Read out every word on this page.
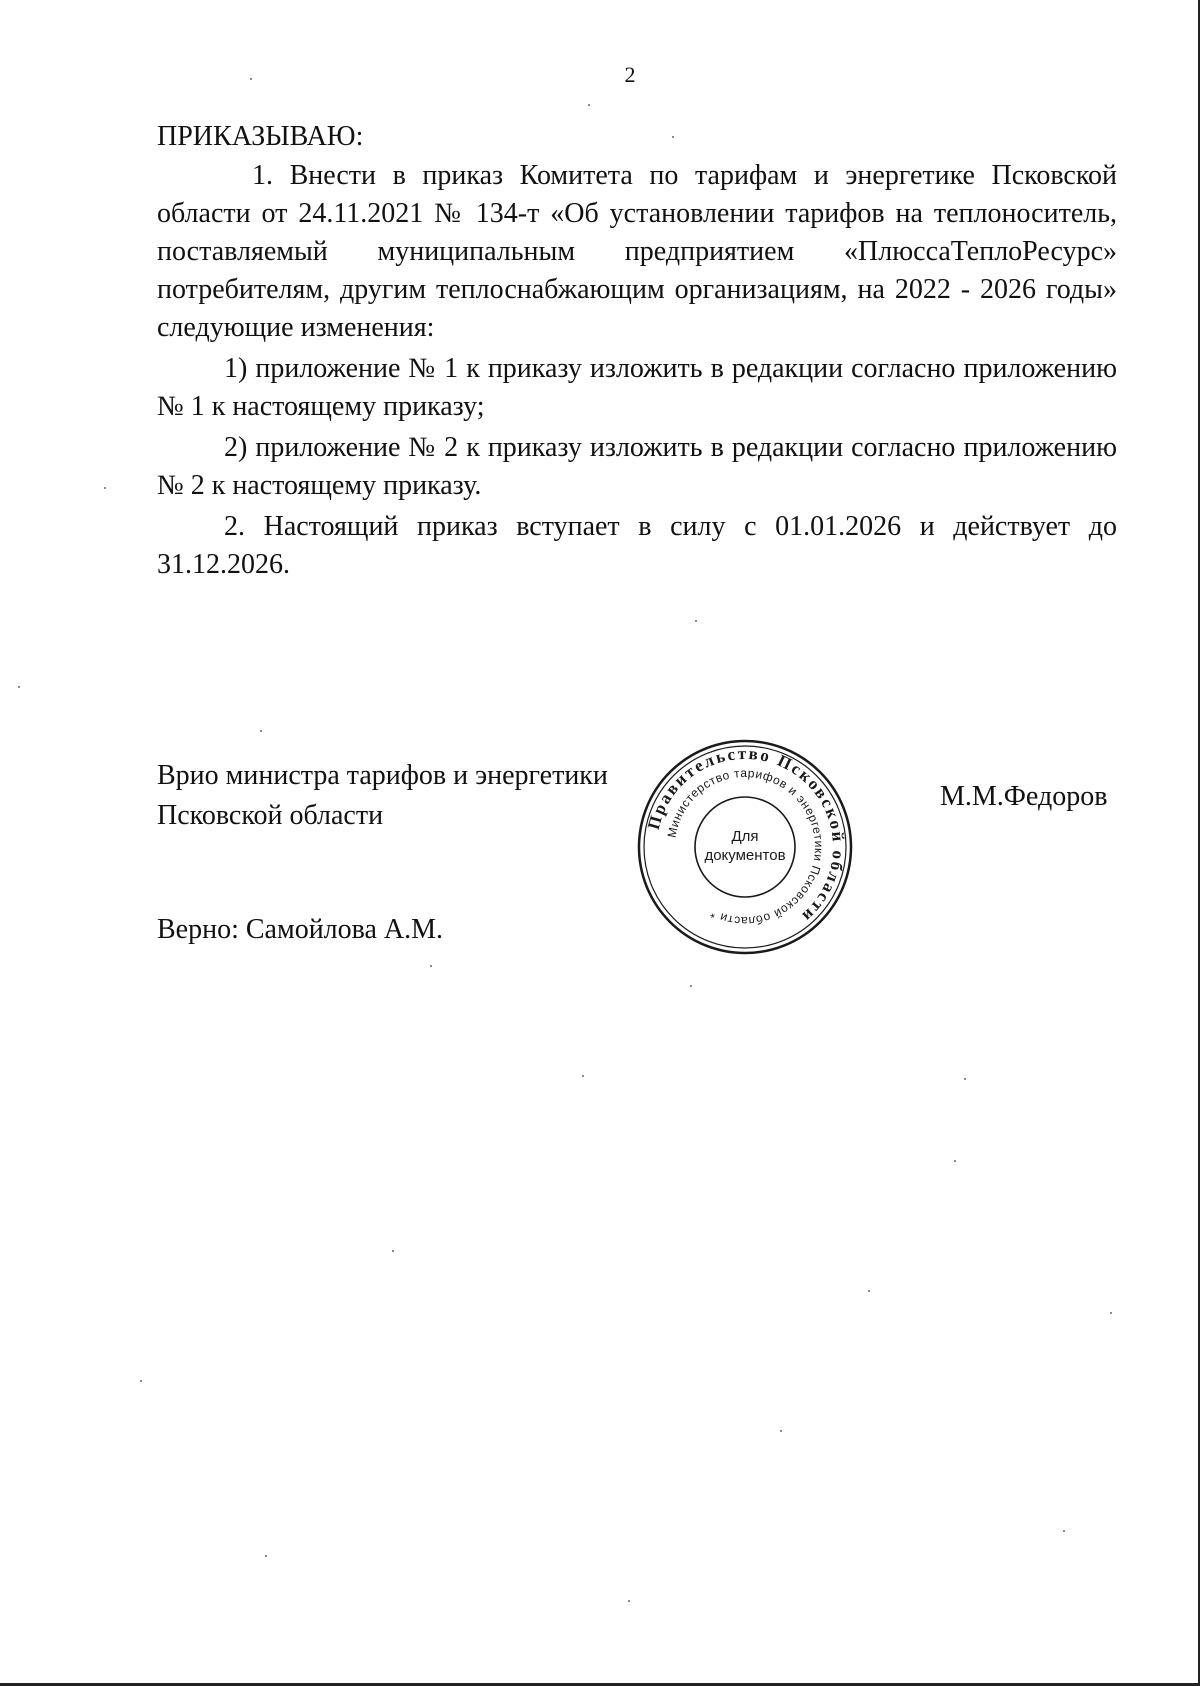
2
ПРИКАЗЫВАЮ:

1. Внести в приказ Комитета по тарифам и энергетике Псковской области от 24.11.2021 № 134-т «Об установлении тарифов на теплоноситель, поставляемый муниципальным предприятием «ПлюссаТеплоРесурс» потребителям, другим теплоснабжающим организациям, на 2022 - 2026 годы» следующие изменения:

1) приложение № 1 к приказу изложить в редакции согласно приложению № 1 к настоящему приказу;

2) приложение № 2 к приказу изложить в редакции согласно приложению № 2 к настоящему приказу.

2. Настоящий приказ вступает в силу с 01.01.2026 и действует до 31.12.2026.

Врио министра тарифов и энергетики
Псковской области	Правительство Псковской области
Министерство тарифов и энергетики Псковской области *
Для
документов
М.М.Федоров
Верно: Самойлова А.М.
